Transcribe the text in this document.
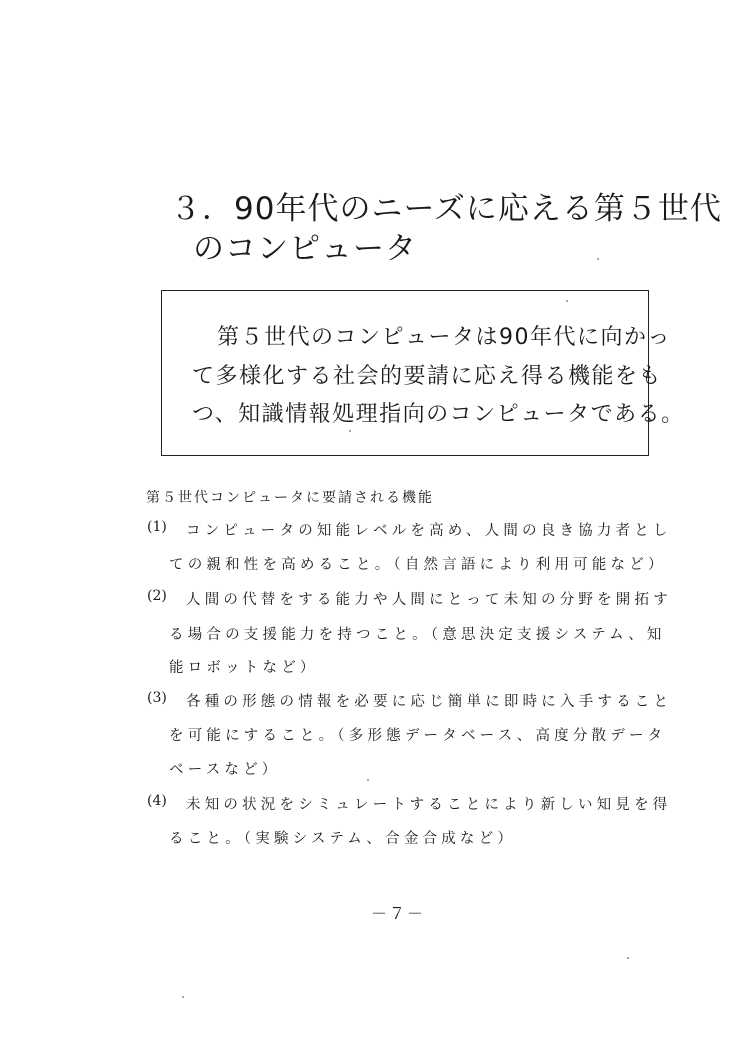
３．90年代のニーズに応える第５世代
のコンピュータ
第５世代のコンピュータは90年代に向かっ
て多様化する社会的要請に応え得る機能をも
つ、知識情報処理指向のコンピュータである。
第５世代コンピュータに要請される機能
(1) コンピュータの知能レベルを高め、人間の良き協力者とし
ての親和性を高めること。（自然言語により利用可能など）
(2) 人間の代替をする能力や人間にとって未知の分野を開拓す
る場合の支援能力を持つこと。（意思決定支援システム、知
能ロボットなど）
(3) 各種の形態の情報を必要に応じ簡単に即時に入手すること
を可能にすること。（多形態データベース、高度分散データ
ベースなど）
(4) 未知の状況をシミュレートすることにより新しい知見を得
ること。（実験システム、合金合成など）
－７－
